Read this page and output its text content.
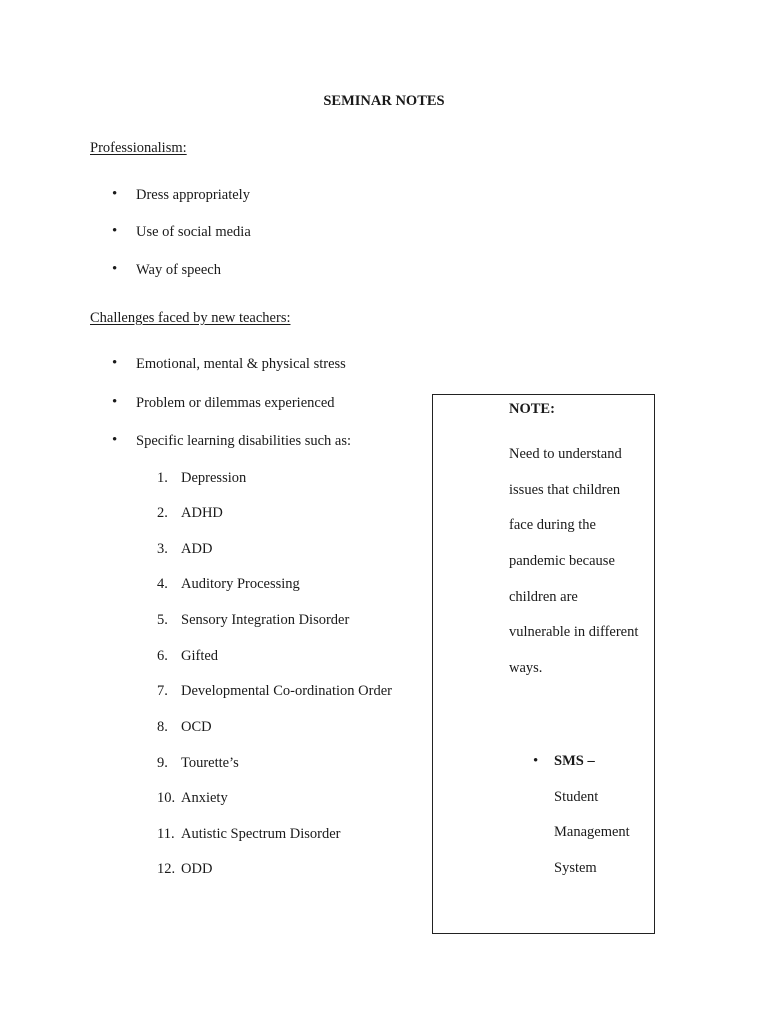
SEMINAR NOTES
Professionalism:
• Dress appropriately
• Use of social media
• Way of speech
Challenges faced by new teachers:
• Emotional, mental & physical stress
• Problem or dilemmas experienced
• Specific learning disabilities such as:
1. Depression
2. ADHD
3. ADD
4. Auditory Processing
5. Sensory Integration Disorder
6. Gifted
7. Developmental Co-ordination Order
8. OCD
9. Tourette’s
10. Anxiety
11. Autistic Spectrum Disorder
12. ODD
NOTE:
Need to understand
issues that children
face during the
pandemic because
children are
vulnerable in different
ways.
• SMS –
Student
Management
System
